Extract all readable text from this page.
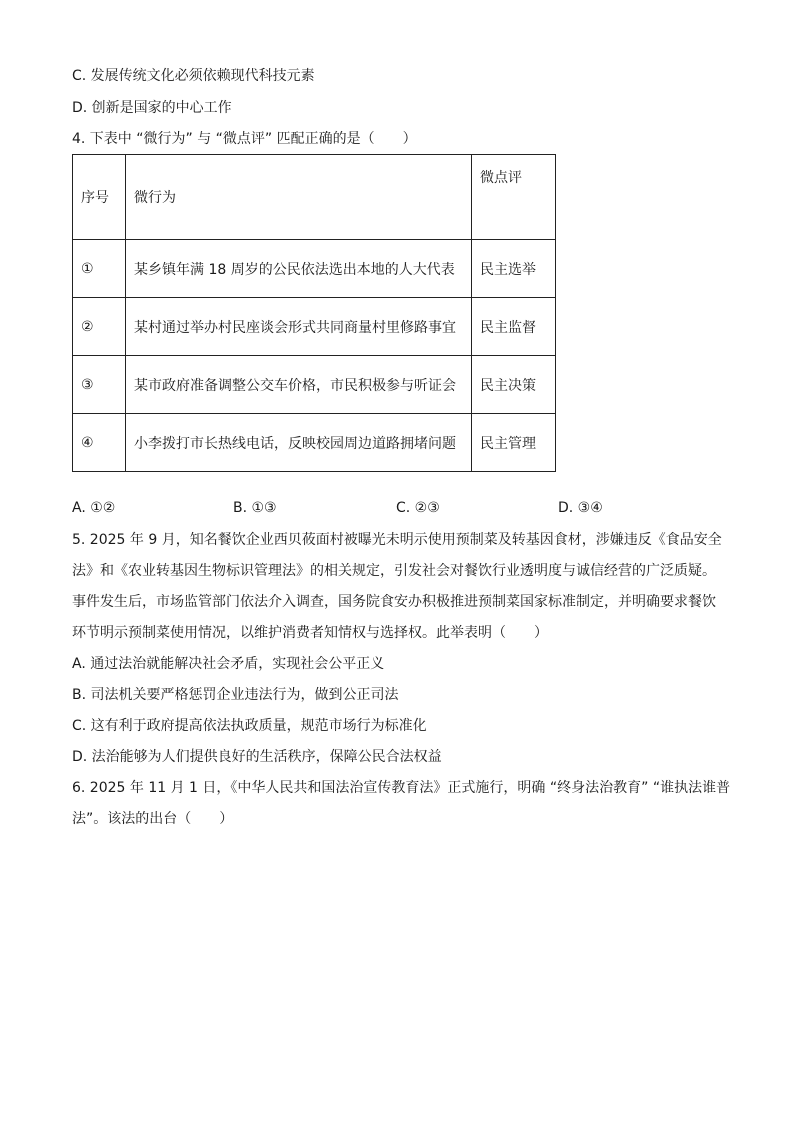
C. 发展传统文化必须依赖现代科技元素
D. 创新是国家的中心工作
4. 下表中 “微行为” 与 “微点评” 匹配正确的是（　　）
序号	微行为	微点评
①	某乡镇年满 18 周岁的公民依法选出本地的人大代表	民主选举
②	某村通过举办村民座谈会形式共同商量村里修路事宜	民主监督
③	某市政府准备调整公交车价格，市民积极参与听证会	民主决策
④	小李拨打市长热线电话，反映校园周边道路拥堵问题	民主管理
A. ①②	B. ①③	C. ②③	D. ③④
5. 2025 年 9 月，知名餐饮企业西贝莜面村被曝光未明示使用预制菜及转基因食材，涉嫌违反《食品安全
法》和《农业转基因生物标识管理法》的相关规定，引发社会对餐饮行业透明度与诚信经营的广泛质疑。
事件发生后，市场监管部门依法介入调查，国务院食安办积极推进预制菜国家标准制定，并明确要求餐饮
环节明示预制菜使用情况，以维护消费者知情权与选择权。此举表明（　　）
A. 通过法治就能解决社会矛盾，实现社会公平正义
B. 司法机关要严格惩罚企业违法行为，做到公正司法
C. 这有利于政府提高依法执政质量，规范市场行为标准化
D. 法治能够为人们提供良好的生活秩序，保障公民合法权益
6. 2025 年 11 月 1 日，《中华人民共和国法治宣传教育法》正式施行，明确 “终身法治教育” “谁执法谁普
法”。该法的出台（　　）
